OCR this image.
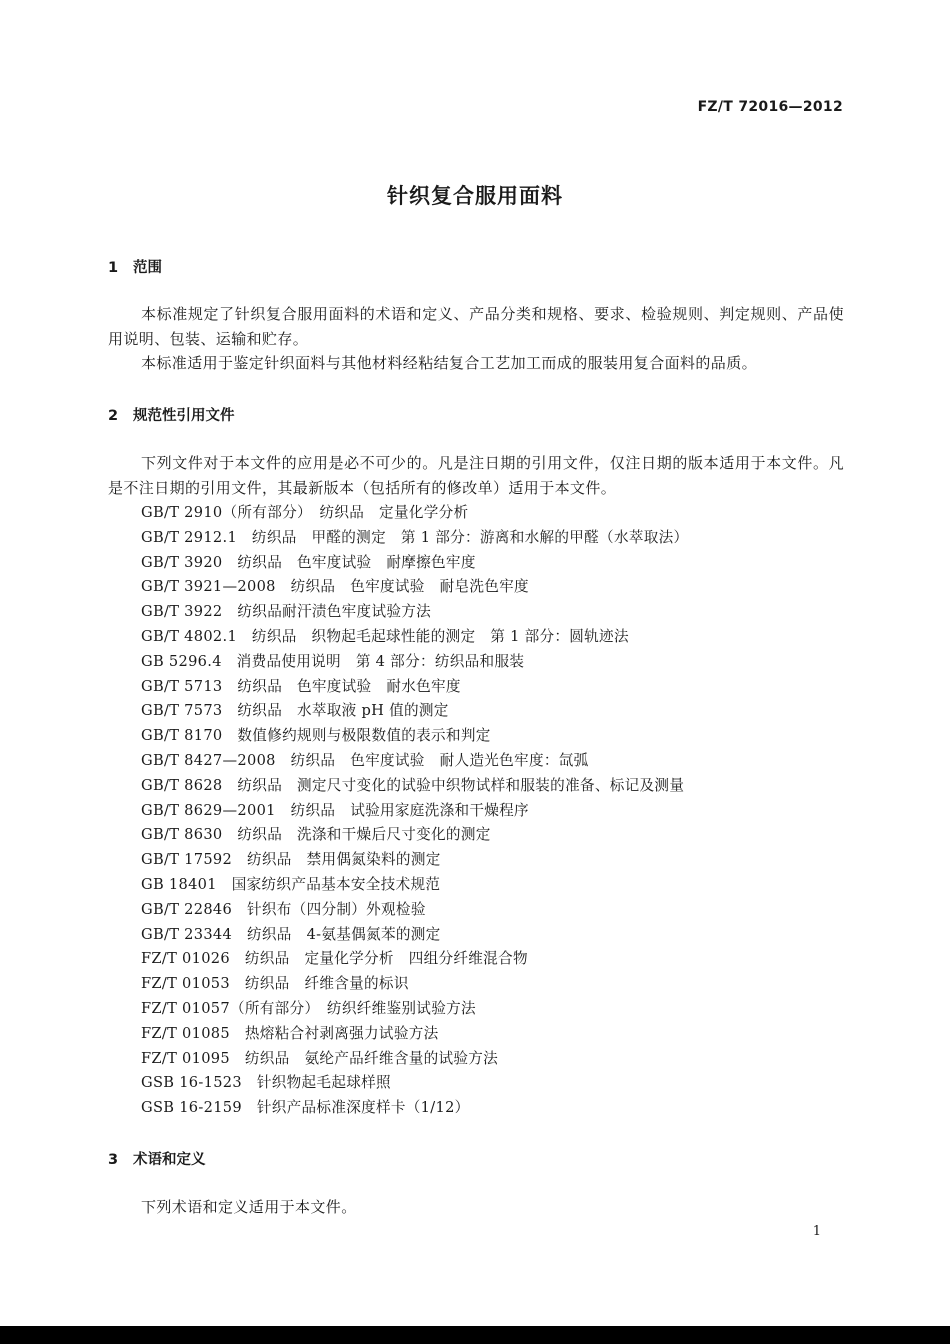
FZ/T 72016—2012
针织复合服用面料
1 范围
本标准规定了针织复合服用面料的术语和定义、产品分类和规格、要求、检验规则、判定规则、产品使用说明、包装、运输和贮存。
本标准适用于鉴定针织面料与其他材料经粘结复合工艺加工而成的服装用复合面料的品质。
2 规范性引用文件
下列文件对于本文件的应用是必不可少的。凡是注日期的引用文件，仅注日期的版本适用于本文件。凡是不注日期的引用文件，其最新版本（包括所有的修改单）适用于本文件。
GB/T 2910（所有部分）　纺织品　定量化学分析
GB/T 2912.1　纺织品　甲醛的测定　第 1 部分：游离和水解的甲醛（水萃取法）
GB/T 3920　纺织品　色牢度试验　耐摩擦色牢度
GB/T 3921—2008　纺织品　色牢度试验　耐皂洗色牢度
GB/T 3922　纺织品耐汗渍色牢度试验方法
GB/T 4802.1　纺织品　织物起毛起球性能的测定　第 1 部分：圆轨迹法
GB 5296.4　消费品使用说明　第 4 部分：纺织品和服装
GB/T 5713　纺织品　色牢度试验　耐水色牢度
GB/T 7573　纺织品　水萃取液 pH 值的测定
GB/T 8170　数值修约规则与极限数值的表示和判定
GB/T 8427—2008　纺织品　色牢度试验　耐人造光色牢度：氙弧
GB/T 8628　纺织品　测定尺寸变化的试验中织物试样和服装的准备、标记及测量
GB/T 8629—2001　纺织品　试验用家庭洗涤和干燥程序
GB/T 8630　纺织品　洗涤和干燥后尺寸变化的测定
GB/T 17592　纺织品　禁用偶氮染料的测定
GB 18401　国家纺织产品基本安全技术规范
GB/T 22846　针织布（四分制）外观检验
GB/T 23344　纺织品　4-氨基偶氮苯的测定
FZ/T 01026　纺织品　定量化学分析　四组分纤维混合物
FZ/T 01053　纺织品　纤维含量的标识
FZ/T 01057（所有部分）　纺织纤维鉴别试验方法
FZ/T 01085　热熔粘合衬剥离强力试验方法
FZ/T 01095　纺织品　氨纶产品纤维含量的试验方法
GSB 16-1523　针织物起毛起球样照
GSB 16-2159　针织产品标准深度样卡（1/12）
3 术语和定义
下列术语和定义适用于本文件。
1
